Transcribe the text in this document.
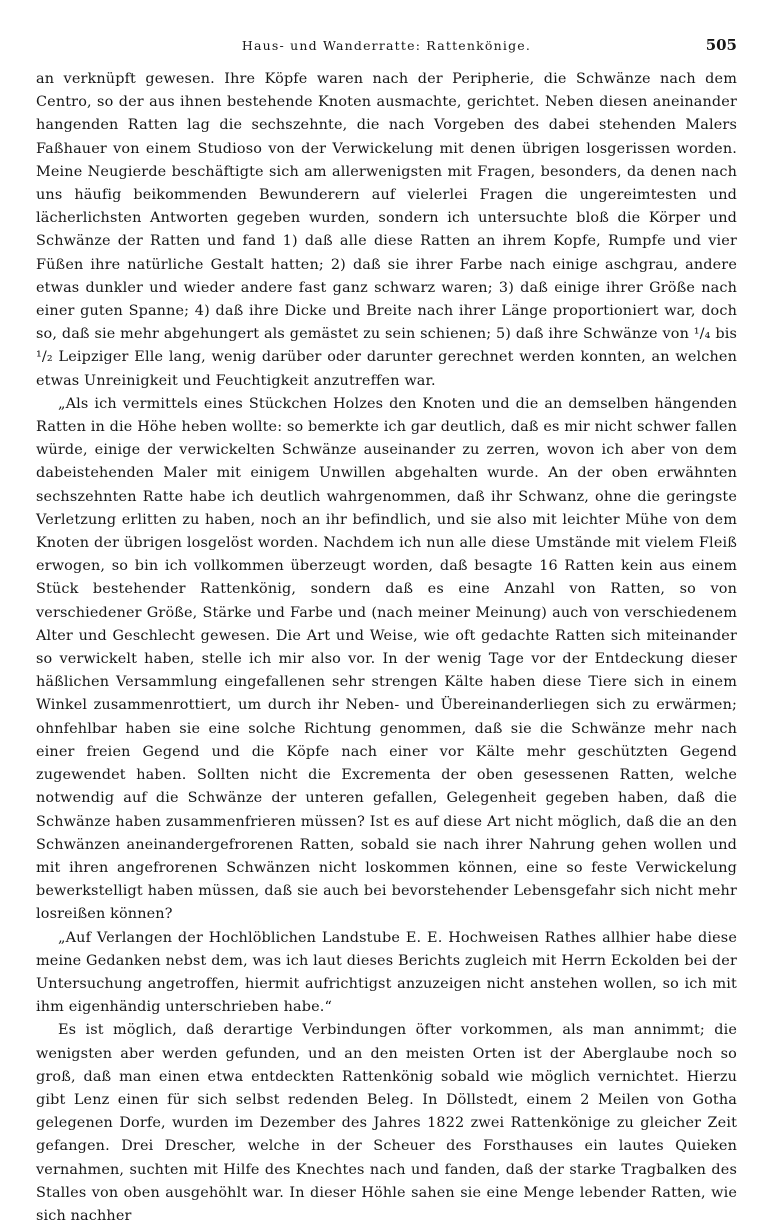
Haus- und Wanderratte: Rattenkönige.	505

an verknüpft gewesen. Ihre Köpfe waren nach der Peripherie, die Schwänze nach dem Centro, so der aus ihnen bestehende Knoten ausmachte, gerichtet. Neben diesen aneinander hangenden Ratten lag die sechszehnte, die nach Vorgeben des dabei stehenden Malers Faßhauer von einem Studioso von der Verwickelung mit denen übrigen losgerissen worden. Meine Neugierde beschäftigte sich am allerwenigsten mit Fragen, besonders, da denen nach uns häufig beikommenden Bewunderern auf vielerlei Fragen die ungereimtesten und lächerlichsten Antworten gegeben wurden, sondern ich untersuchte bloß die Körper und Schwänze der Ratten und fand 1) daß alle diese Ratten an ihrem Kopfe, Rumpfe und vier Füßen ihre natürliche Gestalt hatten; 2) daß sie ihrer Farbe nach einige aschgrau, andere etwas dunkler und wieder andere fast ganz schwarz waren; 3) daß einige ihrer Größe nach einer guten Spanne; 4) daß ihre Dicke und Breite nach ihrer Länge proportioniert war, doch so, daß sie mehr abgehungert als gemästet zu sein schienen; 5) daß ihre Schwänze von ¹/₄ bis ¹/₂ Leipziger Elle lang, wenig darüber oder darunter gerechnet werden konnten, an welchen etwas Unreinigkeit und Feuchtigkeit anzutreffen war.

„Als ich vermittels eines Stückchen Holzes den Knoten und die an demselben hängenden Ratten in die Höhe heben wollte: so bemerkte ich gar deutlich, daß es mir nicht schwer fallen würde, einige der verwickelten Schwänze auseinander zu zerren, wovon ich aber von dem dabeistehenden Maler mit einigem Unwillen abgehalten wurde. An der oben erwähnten sechszehnten Ratte habe ich deutlich wahrgenommen, daß ihr Schwanz, ohne die geringste Verletzung erlitten zu haben, noch an ihr befindlich, und sie also mit leichter Mühe von dem Knoten der übrigen losgelöst worden. Nachdem ich nun alle diese Umstände mit vielem Fleiß erwogen, so bin ich vollkommen überzeugt worden, daß besagte 16 Ratten kein aus einem Stück bestehender Rattenkönig, sondern daß es eine Anzahl von Ratten, so von verschiedener Größe, Stärke und Farbe und (nach meiner Meinung) auch von verschiedenem Alter und Geschlecht gewesen. Die Art und Weise, wie oft gedachte Ratten sich miteinander so verwickelt haben, stelle ich mir also vor. In der wenig Tage vor der Entdeckung dieser häßlichen Versammlung eingefallenen sehr strengen Kälte haben diese Tiere sich in einem Winkel zusammenrottiert, um durch ihr Neben- und Übereinanderliegen sich zu erwärmen; ohnfehlbar haben sie eine solche Richtung genommen, daß sie die Schwänze mehr nach einer freien Gegend und die Köpfe nach einer vor Kälte mehr geschützten Gegend zugewendet haben. Sollten nicht die Excrementa der oben gesessenen Ratten, welche notwendig auf die Schwänze der unteren gefallen, Gelegenheit gegeben haben, daß die Schwänze haben zusammenfrieren müssen? Ist es auf diese Art nicht möglich, daß die an den Schwänzen aneinandergefrorenen Ratten, sobald sie nach ihrer Nahrung gehen wollen und mit ihren angefrorenen Schwänzen nicht loskommen können, eine so feste Verwickelung bewerkstelligt haben müssen, daß sie auch bei bevorstehender Lebensgefahr sich nicht mehr losreißen können?

„Auf Verlangen der Hochlöblichen Landstube E. E. Hochweisen Rathes allhier habe diese meine Gedanken nebst dem, was ich laut dieses Berichts zugleich mit Herrn Eckolden bei der Untersuchung angetroffen, hiermit aufrichtigst anzuzeigen nicht anstehen wollen, so ich mit ihm eigenhändig unterschrieben habe.“

Es ist möglich, daß derartige Verbindungen öfter vorkommen, als man annimmt; die wenigsten aber werden gefunden, und an den meisten Orten ist der Aberglaube noch so groß, daß man einen etwa entdeckten Rattenkönig sobald wie möglich vernichtet. Hierzu gibt Lenz einen für sich selbst redenden Beleg. In Döllstedt, einem 2 Meilen von Gotha gelegenen Dorfe, wurden im Dezember des Jahres 1822 zwei Rattenkönige zu gleicher Zeit gefangen. Drei Drescher, welche in der Scheuer des Forsthauses ein lautes Quieken vernahmen, suchten mit Hilfe des Knechtes nach und fanden, daß der starke Tragbalken des Stalles von oben ausgehöhlt war. In dieser Höhle sahen sie eine Menge lebender Ratten, wie sich nachher
